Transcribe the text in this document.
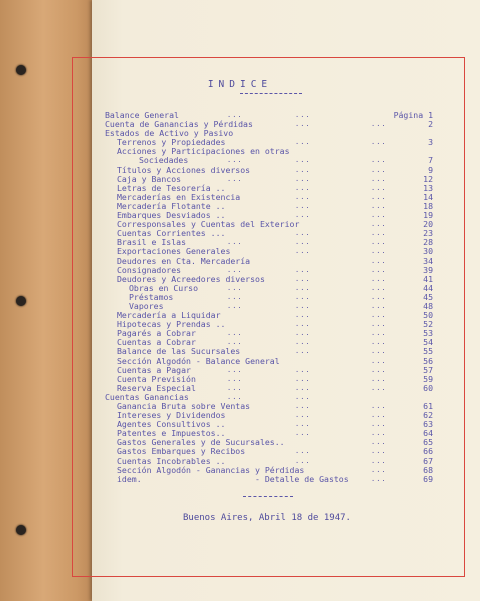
INDICE
Balance General	...	...	Página 1
Cuenta de Ganancias y Pérdidas	...	...	2
Estados de Activo y Pasivo
Terrenos y Propiedades	...	...	3
Acciones y Participaciones en otras
Sociedades	...	...	...	7
Títulos y Acciones diversos	...	...	9
Caja y Bancos	...	...	...	12
Letras de Tesorería ..	...	...	13
Mercaderías en Existencia	...	...	14
Mercadería Flotante ..	...	...	18
Embarques Desviados ..	...	...	19
Corresponsales y Cuentas del Exterior	...	20
Cuentas Corrientes ...	...	...	23
Brasil e Islas	...	...	...	28
Exportaciones Generales	...	...	30
Deudores en Cta. Mercadería	...	34
Consignadores	...	...	...	39
Deudores y Acreedores diversos	...	...	41
Obras en Curso	...	...	...	44
Préstamos	...	...	...	45
Vapores	...	...	...	48
Mercadería a Liquidar	...	...	50
Hipotecas y Prendas ..	...	...	52
Pagarés a Cobrar	...	...	...	53
Cuentas a Cobrar	...	...	...	54
Balance de las Sucursales	...	...	55
Sección Algodón - Balance General	...	56
Cuentas a Pagar	...	...	...	57
Cuenta Previsión	...	...	...	59
Reserva Especial	...	...	...	60
Cuentas Ganancias	...	...
Ganancia Bruta sobre Ventas	...	...	61
Intereses y Dividendos	...	...	62
Agentes Consultivos ..	...	...	63
Patentes e Impuestos..	...	...	64
Gastos Generales y de Sucursales..	...	65
Gastos Embarques y Recibos	...	...	66
Cuentas Incobrables ..	...	...	67
Sección Algodón - Ganancias y Pérdidas	...	68
idem.	- Detalle de Gastos	...	69
Buenos Aires, Abril 18 de 1947.
